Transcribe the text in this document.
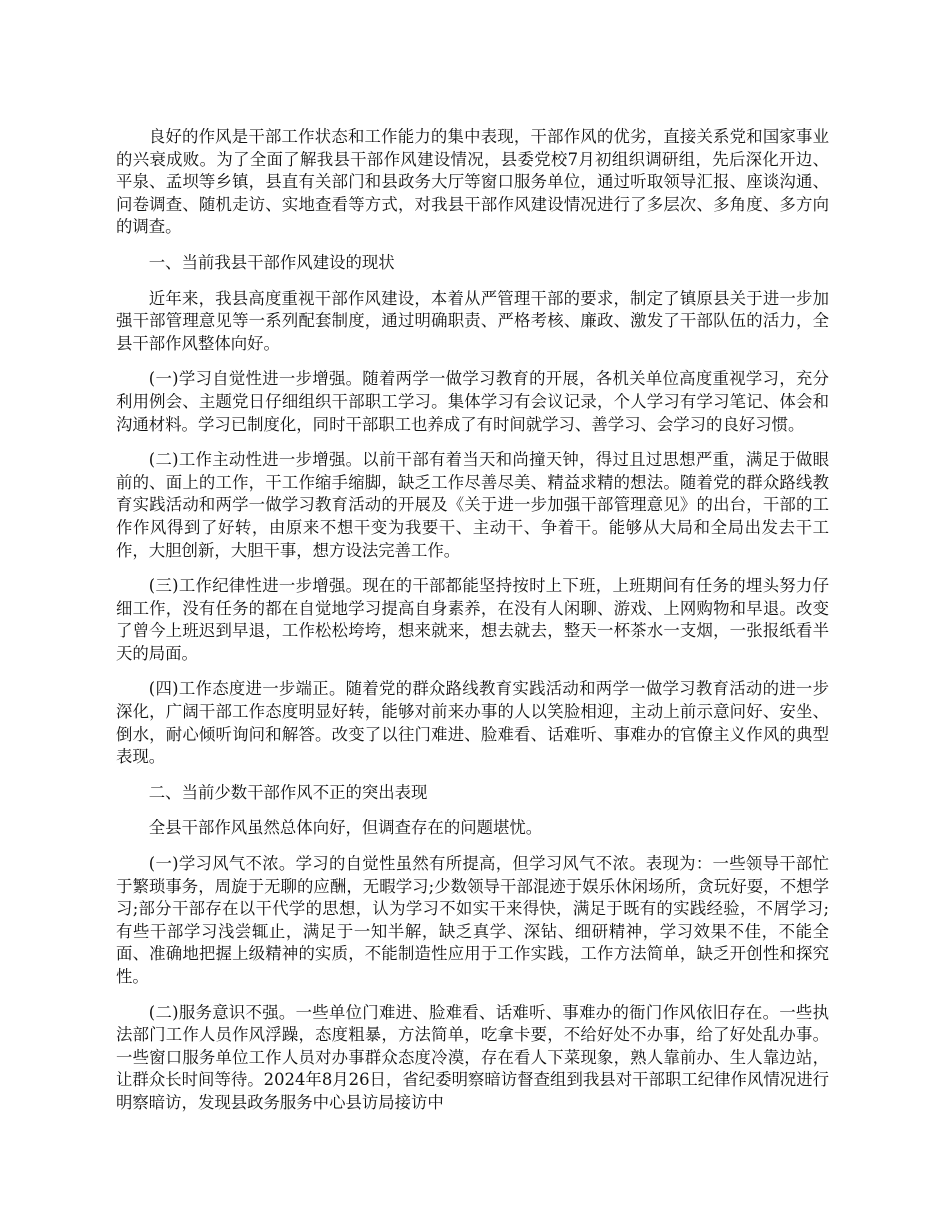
良好的作风是干部工作状态和工作能力的集中表现，干部作风的优劣，直接关系党和国家事业的兴衰成败。为了全面了解我县干部作风建设情况，县委党校7月初组织调研组，先后深化开边、平泉、孟坝等乡镇，县直有关部门和县政务大厅等窗口服务单位，通过听取领导汇报、座谈沟通、问卷调查、随机走访、实地查看等方式，对我县干部作风建设情况进行了多层次、多角度、多方向的调查。

一、当前我县干部作风建设的现状

近年来，我县高度重视干部作风建设，本着从严管理干部的要求，制定了镇原县关于进一步加强干部管理意见等一系列配套制度，通过明确职责、严格考核、廉政、激发了干部队伍的活力，全县干部作风整体向好。

(一)学习自觉性进一步增强。随着两学一做学习教育的开展，各机关单位高度重视学习，充分利用例会、主题党日仔细组织干部职工学习。集体学习有会议记录，个人学习有学习笔记、体会和沟通材料。学习已制度化，同时干部职工也养成了有时间就学习、善学习、会学习的良好习惯。

(二)工作主动性进一步增强。以前干部有着当天和尚撞天钟，得过且过思想严重，满足于做眼前的、面上的工作，干工作缩手缩脚，缺乏工作尽善尽美、精益求精的想法。随着党的群众路线教育实践活动和两学一做学习教育活动的开展及《关于进一步加强干部管理意见》的出台，干部的工作作风得到了好转，由原来不想干变为我要干、主动干、争着干。能够从大局和全局出发去干工作，大胆创新，大胆干事，想方设法完善工作。

(三)工作纪律性进一步增强。现在的干部都能坚持按时上下班，上班期间有任务的埋头努力仔细工作，没有任务的都在自觉地学习提高自身素养，在没有人闲聊、游戏、上网购物和早退。改变了曾今上班迟到早退，工作松松垮垮，想来就来，想去就去，整天一杯茶水一支烟，一张报纸看半天的局面。

(四)工作态度进一步端正。随着党的群众路线教育实践活动和两学一做学习教育活动的进一步深化，广阔干部工作态度明显好转，能够对前来办事的人以笑脸相迎，主动上前示意问好、安坐、倒水，耐心倾听询问和解答。改变了以往门难进、脸难看、话难听、事难办的官僚主义作风的典型表现。

二、当前少数干部作风不正的突出表现

全县干部作风虽然总体向好，但调查存在的问题堪忧。

(一)学习风气不浓。学习的自觉性虽然有所提高，但学习风气不浓。表现为：一些领导干部忙于繁琐事务，周旋于无聊的应酬，无暇学习;少数领导干部混迹于娱乐休闲场所，贪玩好耍，不想学习;部分干部存在以干代学的思想，认为学习不如实干来得快，满足于既有的实践经验，不屑学习;有些干部学习浅尝辄止，满足于一知半解，缺乏真学、深钻、细研精神，学习效果不佳，不能全面、准确地把握上级精神的实质，不能制造性应用于工作实践，工作方法简单，缺乏开创性和探究性。

(二)服务意识不强。一些单位门难进、脸难看、话难听、事难办的衙门作风依旧存在。一些执法部门工作人员作风浮躁，态度粗暴，方法简单，吃拿卡要，不给好处不办事，给了好处乱办事。一些窗口服务单位工作人员对办事群众态度冷漠，存在看人下菜现象，熟人靠前办、生人靠边站，让群众长时间等待。2024年8月26日，省纪委明察暗访督查组到我县对干部职工纪律作风情况进行明察暗访，发现县政务服务中心县访局接访中
